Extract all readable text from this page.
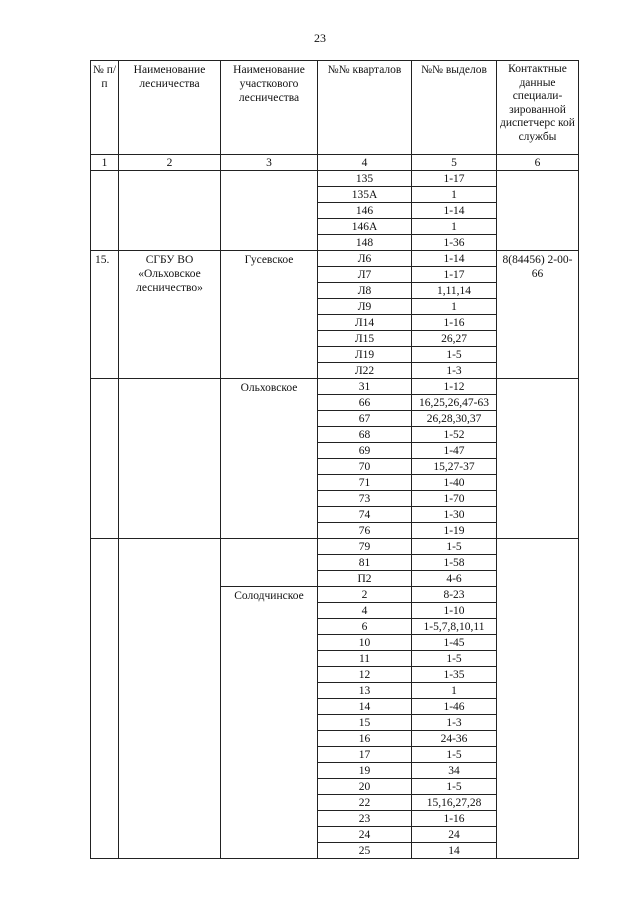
23
№ п/п	Наименование лесничества	Наименование участкового лесничества	№№ кварталов	№№ выделов	Контактные данные специали- зированной диспетчерс кой службы
1	2	3	4	5	6
			135	1-17	
			135А	1	
			146	1-14	
			146А	1	
			148	1-36	
15.	СГБУ ВО «Ольховское лесничество»	Гусевское	Л6	1-14	8(84456) 2-00-66
			Л7	1-17	
			Л8	1,11,14	
			Л9	1	
			Л14	1-16	
			Л15	26,27	
			Л19	1-5	
			Л22	1-3	
		Ольховское	31	1-12	
			66	16,25,26,47-63	
			67	26,28,30,37	
			68	1-52	
			69	1-47	
			70	15,27-37	
			71	1-40	
			73	1-70	
			74	1-30	
			76	1-19	
			79	1-5	
			81	1-58	
			П2	4-6	
		Солодчинское	2	8-23	
			4	1-10	
			6	1-5,7,8,10,11	
			10	1-45	
			11	1-5	
			12	1-35	
			13	1	
			14	1-46	
			15	1-3	
			16	24-36	
			17	1-5	
			19	34	
			20	1-5	
			22	15,16,27,28	
			23	1-16	
			24	24	
			25	14	
